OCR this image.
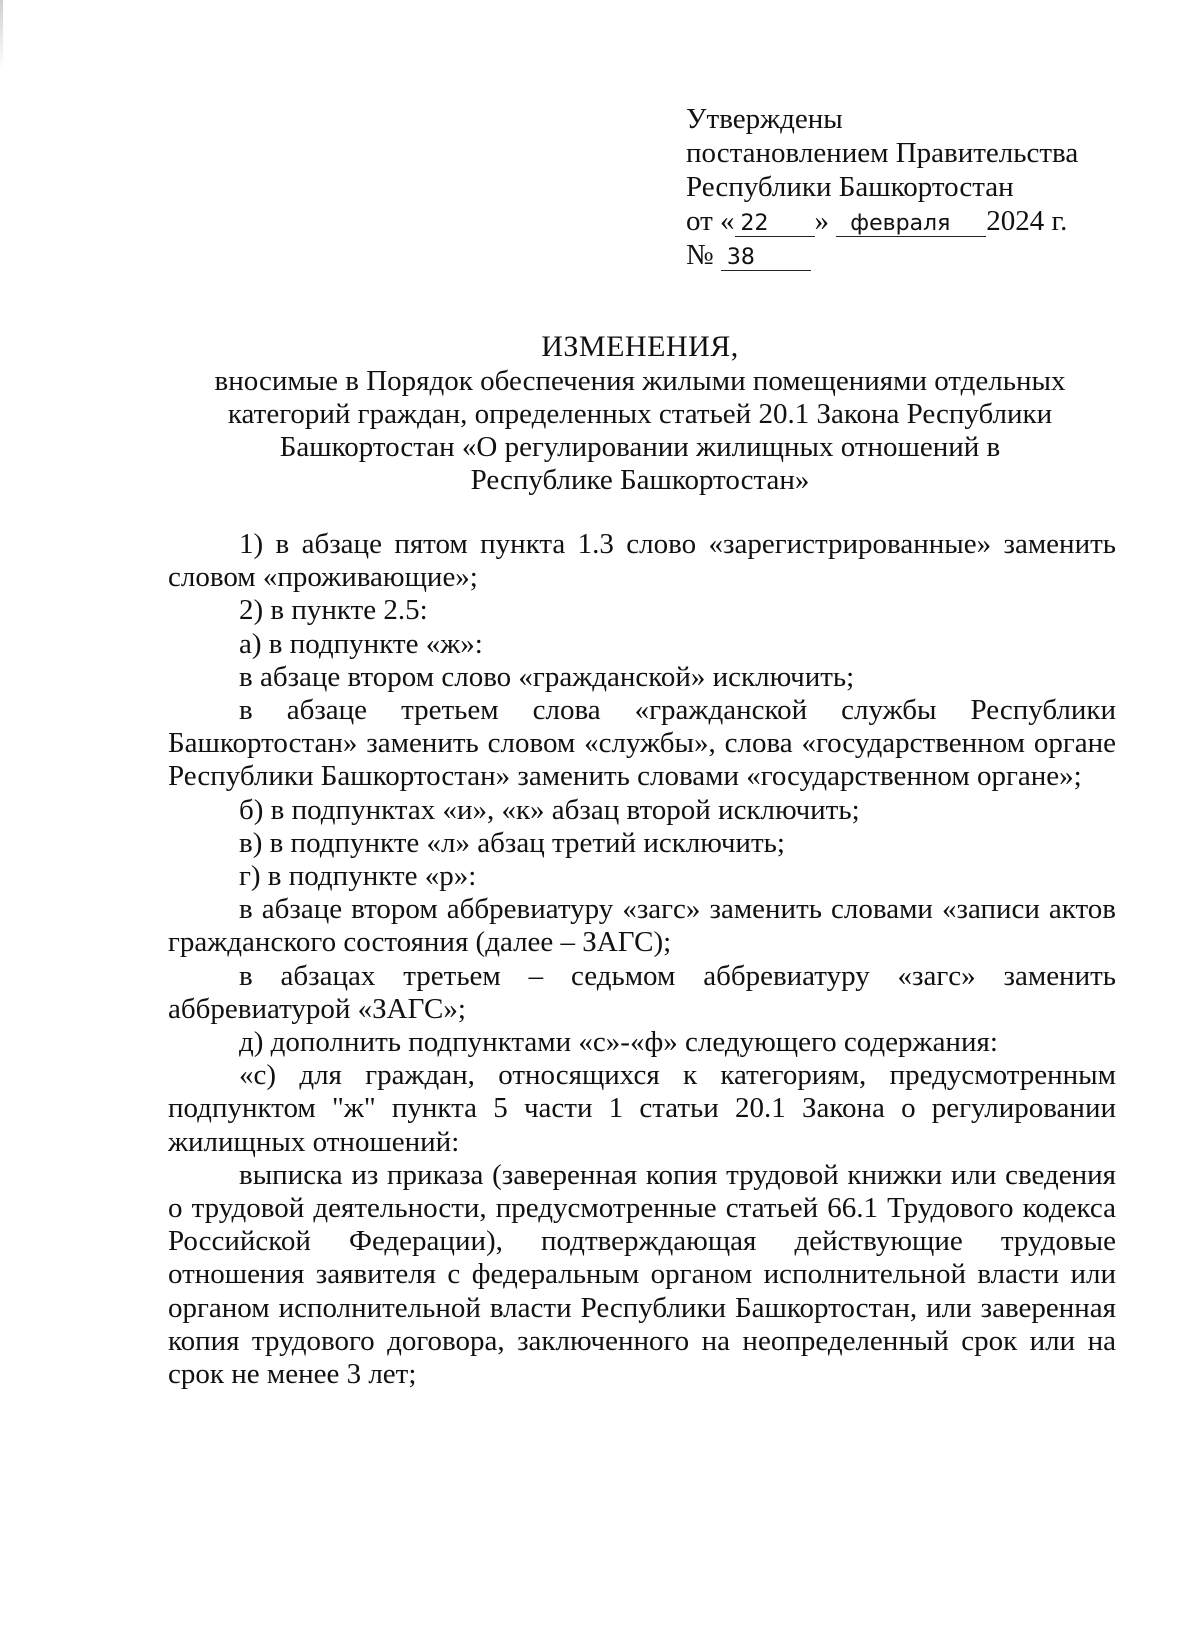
Утверждены
постановлением Правительства
Республики Башкортостан
от « 22 » февраля 2024 г.
№ 38
ИЗМЕНЕНИЯ,
вносимые в Порядок обеспечения жилыми помещениями отдельных
категорий граждан, определенных статьей 20.1 Закона Республики
Башкортостан «О регулировании жилищных отношений в
Республике Башкортостан»

1) в абзаце пятом пункта 1.3 слово «зарегистрированные» заменить словом «проживающие»;

2) в пункте 2.5:

а) в подпункте «ж»:

в абзаце втором слово «гражданской» исключить;

в абзаце третьем слова «гражданской службы Республики Башкортостан» заменить словом «службы», слова «государственном органе Республики Башкортостан» заменить словами «государственном органе»;

б) в подпунктах «и», «к» абзац второй исключить;

в) в подпункте «л» абзац третий исключить;

г) в подпункте «р»:

в абзаце втором аббревиатуру «загс» заменить словами «записи актов гражданского состояния (далее – ЗАГС);

в абзацах третьем – седьмом аббревиатуру «загс» заменить аббревиатурой «ЗАГС»;

д) дополнить подпунктами «с»-«ф» следующего содержания:

«с) для граждан, относящихся к категориям, предусмотренным подпунктом "ж" пункта 5 части 1 статьи 20.1 Закона о регулировании жилищных отношений:

выписка из приказа (заверенная копия трудовой книжки или сведения о трудовой деятельности, предусмотренные статьей 66.1 Трудового кодекса Российской Федерации), подтверждающая действующие трудовые отношения заявителя с федеральным органом исполнительной власти или органом исполнительной власти Республики Башкортостан, или заверенная копия трудового договора, заключенного на неопределенный срок или на срок не менее 3 лет;
